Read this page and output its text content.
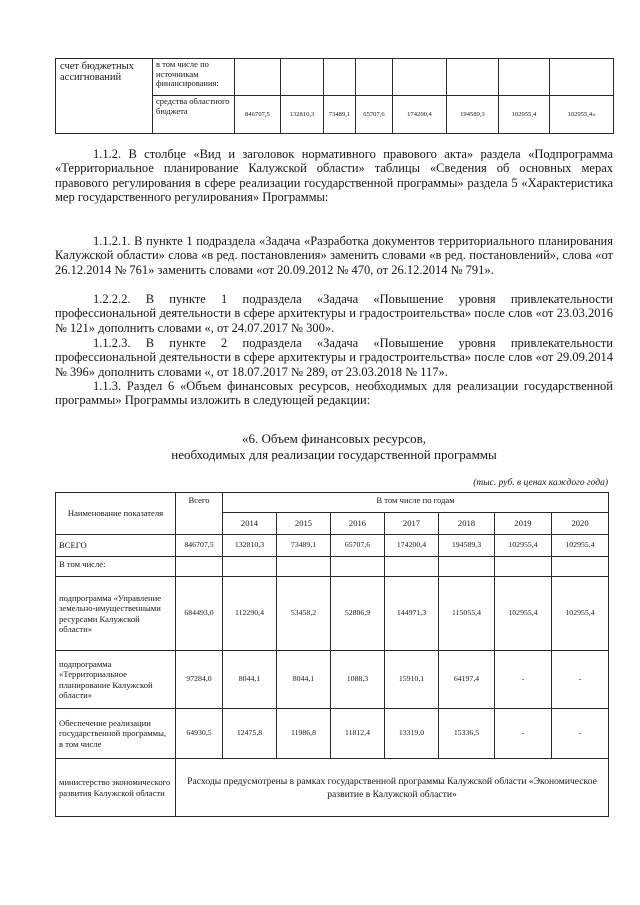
счет бюджетных ассигнований	в том числе по источникам финансирования:								
	средства областного бюджета	846707,5	132810,3	73489,1	65707,6	174200,4	194589,3	102955,4	102955,4»

1.1.2. В столбце «Вид и заголовок нормативного правового акта» раздела «Подпрограмма «Территориальное планирование Калужской области» таблицы «Сведения об основных мерах правового регулирования в сфере реализации государственной программы» раздела 5 «Характеристика мер государственного регулирования» Программы:

1.1.2.1. В пункте 1 подраздела «Задача «Разработка документов территориального планирования Калужской области» слова «в ред. постановления» заменить словами «в ред. постановлений», слова «от 26.12.2014 № 761» заменить словами «от 20.09.2012 № 470, от 26.12.2014 № 791».

1.2.2.2. В пункте 1 подраздела «Задача «Повышение уровня привлекательности профессиональной деятельности в сфере архитектуры и градостроительства» после слов «от 23.03.2016 № 121» дополнить словами «, от 24.07.2017 № 300».

1.1.2.3. В пункте 2 подраздела «Задача «Повышение уровня привлекательности профессиональной деятельности в сфере архитектуры и градостроительства» после слов «от 29.09.2014 № 396» дополнить словами «, от 18.07.2017 № 289, от 23.03.2018 № 117».

1.1.3. Раздел 6 «Объем финансовых ресурсов, необходимых для реализации государственной программы» Программы изложить в следующей редакции:

«6. Объем финансовых ресурсов,
необходимых для реализации государственной программы
(тыс. руб. в ценах каждого года)
Наименование показателя	Всего	В том числе по годам						
		2014	2015	2016	2017	2018	2019	2020
ВСЕГО	846707,5	132810,3	73489,1	65707,6	174200,4	194589,3	102955,4	102955,4
В том числе:								
подпрограмма «Управление земельно-имущественными ресурсами Калужской области»	684493,0	112290,4	53458,2	52806,9	144971,3	115055,4	102955,4	102955,4
подпрограмма «Территориальное планирование Калужской области»	97284,0	8044,1	8044,1	1088,3	15910,1	64197,4	-	-
Обеспечение реализации государственной программы, в том числе	64930,5	12475,8	11986,8	11812,4	13319,0	15336,5	-	-
министерство экономического развития Калужской области	Расходы предусмотрены в рамках государственной программы Калужской области «Экономическое развитие в Калужской области»							
